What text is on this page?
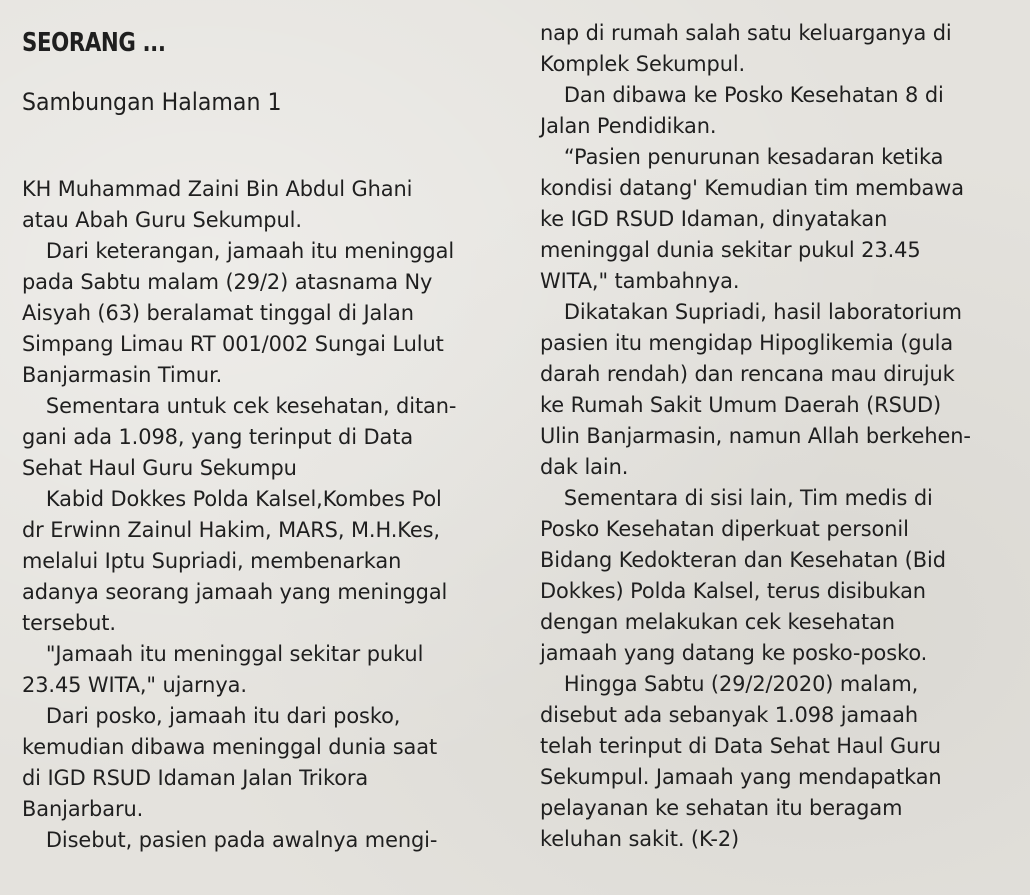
SEORANG ...
Sambungan Halaman 1
KH Muhammad Zaini Bin Abdul Ghani
atau Abah Guru Sekumpul.
Dari keterangan, jamaah itu meninggal
pada Sabtu malam (29/2) atasnama Ny
Aisyah (63) beralamat tinggal di Jalan
Simpang Limau RT 001/002 Sungai Lulut
Banjarmasin Timur.
Sementara untuk cek kesehatan, ditan-
gani ada 1.098, yang terinput di Data
Sehat Haul Guru Sekumpu
Kabid Dokkes Polda Kalsel,Kombes Pol
dr Erwinn Zainul Hakim, MARS, M.H.Kes,
melalui Iptu Supriadi, membenarkan
adanya seorang jamaah yang meninggal
tersebut.
"Jamaah itu meninggal sekitar pukul
23.45 WITA," ujarnya.
Dari posko, jamaah itu dari posko,
kemudian dibawa meninggal dunia saat
di IGD RSUD Idaman Jalan Trikora
Banjarbaru.
Disebut, pasien pada awalnya mengi-
nap di rumah salah satu keluarganya di
Komplek Sekumpul.
Dan dibawa ke Posko Kesehatan 8 di
Jalan Pendidikan.
“Pasien penurunan kesadaran ketika
kondisi datang' Kemudian tim membawa
ke IGD RSUD Idaman, dinyatakan
meninggal dunia sekitar pukul 23.45
WITA," tambahnya.
Dikatakan Supriadi, hasil laboratorium
pasien itu mengidap Hipoglikemia (gula
darah rendah) dan rencana mau dirujuk
ke Rumah Sakit Umum Daerah (RSUD)
Ulin Banjarmasin, namun Allah berkehen-
dak lain.
Sementara di sisi lain, Tim medis di
Posko Kesehatan diperkuat personil
Bidang Kedokteran dan Kesehatan (Bid
Dokkes) Polda Kalsel, terus disibukan
dengan melakukan cek kesehatan
jamaah yang datang ke posko-posko.
Hingga Sabtu (29/2/2020) malam,
disebut ada sebanyak 1.098 jamaah
telah terinput di Data Sehat Haul Guru
Sekumpul. Jamaah yang mendapatkan
pelayanan ke sehatan itu beragam
keluhan sakit. (K-2)
